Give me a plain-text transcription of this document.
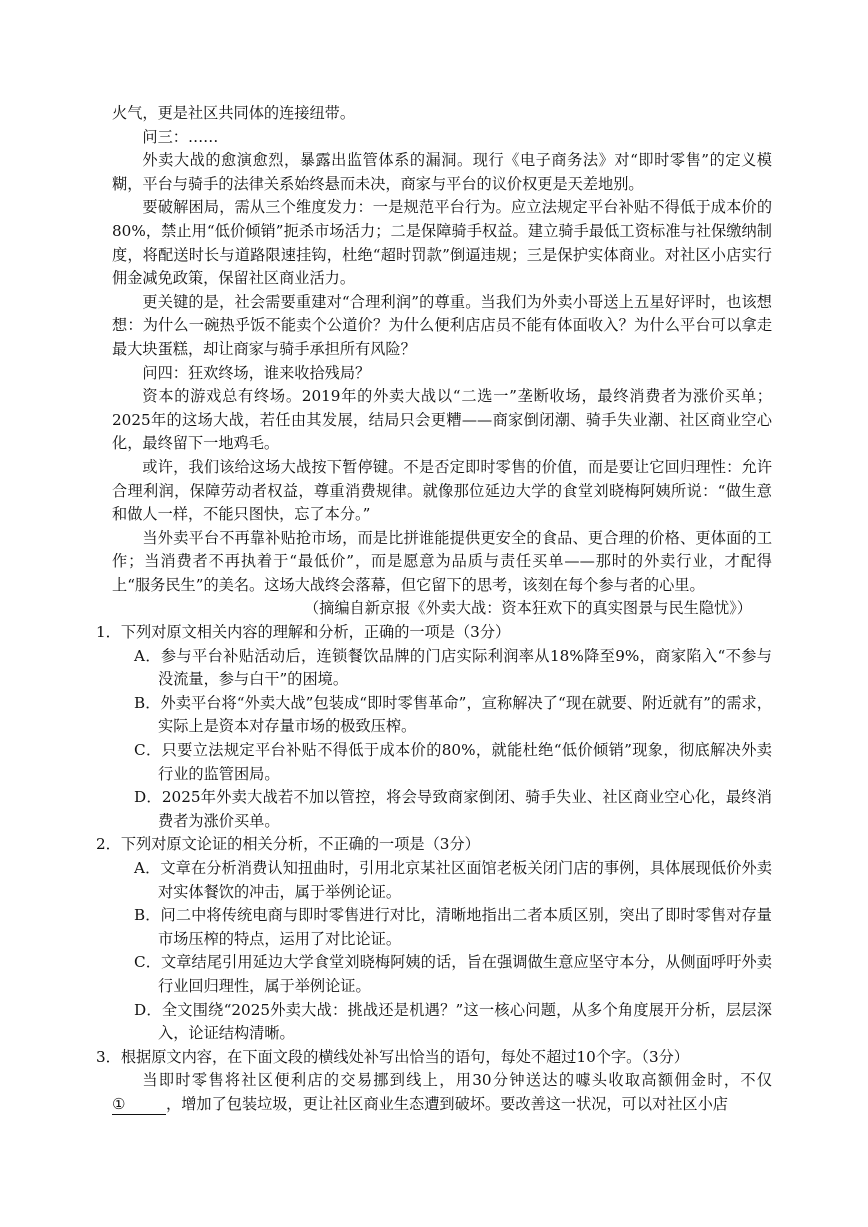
火气，更是社区共同体的连接纽带。

问三：……

外卖大战的愈演愈烈，暴露出监管体系的漏洞。现行《电子商务法》对“即时零售”的定义模糊，平台与骑手的法律关系始终悬而未决，商家与平台的议价权更是天差地别。

要破解困局，需从三个维度发力：一是规范平台行为。应立法规定平台补贴不得低于成本价的80%，禁止用“低价倾销”扼杀市场活力；二是保障骑手权益。建立骑手最低工资标准与社保缴纳制度，将配送时长与道路限速挂钩，杜绝“超时罚款”倒逼违规；三是保护实体商业。对社区小店实行佣金减免政策，保留社区商业活力。

更关键的是，社会需要重建对“合理利润”的尊重。当我们为外卖小哥送上五星好评时，也该想想：为什么一碗热乎饭不能卖个公道价？为什么便利店店员不能有体面收入？为什么平台可以拿走最大块蛋糕，却让商家与骑手承担所有风险？

问四：狂欢终场，谁来收拾残局？

资本的游戏总有终场。2019年的外卖大战以“二选一”垄断收场，最终消费者为涨价买单；2025年的这场大战，若任由其发展，结局只会更糟——商家倒闭潮、骑手失业潮、社区商业空心化，最终留下一地鸡毛。

或许，我们该给这场大战按下暂停键。不是否定即时零售的价值，而是要让它回归理性：允许合理利润，保障劳动者权益，尊重消费规律。就像那位延边大学的食堂刘晓梅阿姨所说：“做生意和做人一样，不能只图快，忘了本分。”

当外卖平台不再靠补贴抢市场，而是比拼谁能提供更安全的食品、更合理的价格、更体面的工作；当消费者不再执着于“最低价”，而是愿意为品质与责任买单——那时的外卖行业，才配得上“服务民生”的美名。这场大战终会落幕，但它留下的思考，该刻在每个参与者的心里。

（摘编自新京报《外卖大战：资本狂欢下的真实图景与民生隐忧》）

1．下列对原文相关内容的理解和分析，正确的一项是（3分）

A．参与平台补贴活动后，连锁餐饮品牌的门店实际利润率从18%降至9%，商家陷入“不参与没流量，参与白干”的困境。

B．外卖平台将“外卖大战”包装成“即时零售革命”，宣称解决了“现在就要、附近就有”的需求，实际上是资本对存量市场的极致压榨。

C．只要立法规定平台补贴不得低于成本价的80%，就能杜绝“低价倾销”现象，彻底解决外卖行业的监管困局。

D．2025年外卖大战若不加以管控，将会导致商家倒闭、骑手失业、社区商业空心化，最终消费者为涨价买单。

2．下列对原文论证的相关分析，不正确的一项是（3分）

A．文章在分析消费认知扭曲时，引用北京某社区面馆老板关闭门店的事例，具体展现低价外卖对实体餐饮的冲击，属于举例论证。

B．问二中将传统电商与即时零售进行对比，清晰地指出二者本质区别，突出了即时零售对存量市场压榨的特点，运用了对比论证。

C．文章结尾引用延边大学食堂刘晓梅阿姨的话，旨在强调做生意应坚守本分，从侧面呼吁外卖行业回归理性，属于举例论证。

D．全文围绕“2025外卖大战：挑战还是机遇？”这一核心问题，从多个角度展开分析，层层深入，论证结构清晰。

3．根据原文内容，在下面文段的横线处补写出恰当的语句，每处不超过10个字。（3分）

当即时零售将社区便利店的交易挪到线上，用30分钟送达的噱头收取高额佣金时，不仅①	，增加了包装垃圾，更让社区商业生态遭到破坏。要改善这一状况，可以对社区小店
